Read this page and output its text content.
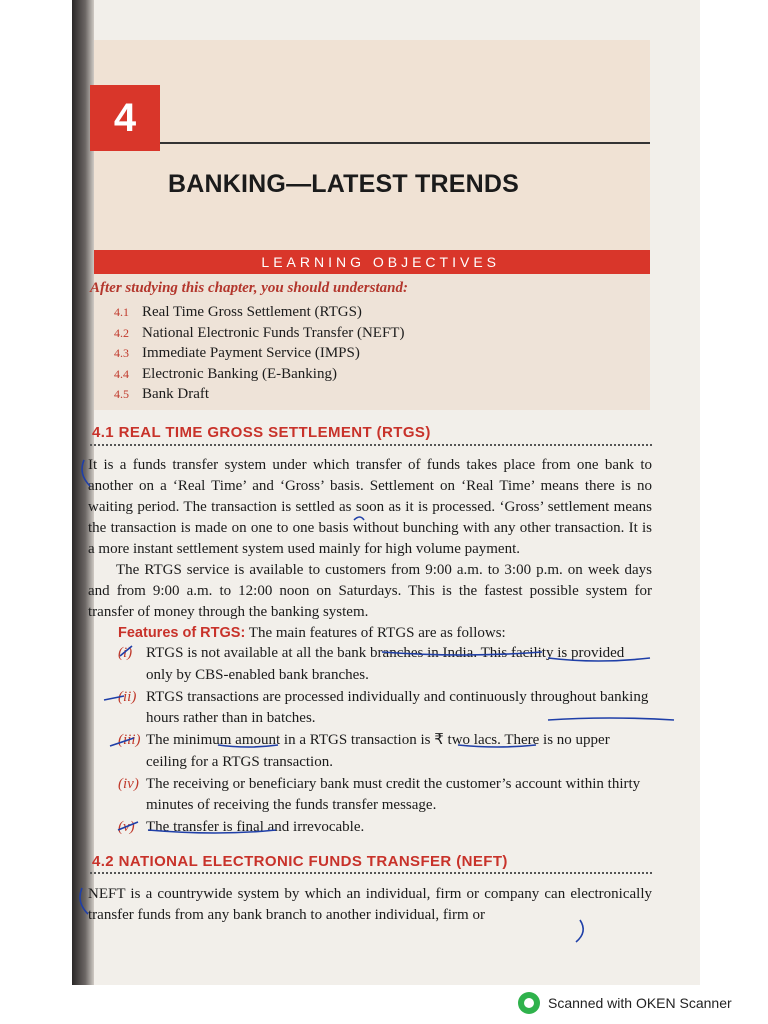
4
BANKING—LATEST TRENDS
LEARNING OBJECTIVES
After studying this chapter, you should understand:
4.1 Real Time Gross Settlement (RTGS)
4.2 National Electronic Funds Transfer (NEFT)
4.3 Immediate Payment Service (IMPS)
4.4 Electronic Banking (E-Banking)
4.5 Bank Draft
4.1 REAL TIME GROSS SETTLEMENT (RTGS)

It is a funds transfer system under which transfer of funds takes place from one bank to another on a ‘Real Time’ and ‘Gross’ basis. Settlement on ‘Real Time’ means there is no waiting period. The transaction is settled as soon as it is processed. ‘Gross’ settlement means the transaction is made on one to one basis without bunching with any other transaction. It is a more instant settlement system used mainly for high volume payment.

The RTGS service is available to customers from 9:00 a.m. to 3:00 p.m. on week days and from 9:00 a.m. to 12:00 noon on Saturdays. This is the fastest possible system for transfer of money through the banking system.

Features of RTGS: The main features of RTGS are as follows:

(i) RTGS is not available at all the bank branches in India. This facility is provided only by CBS-enabled bank branches.
(ii) RTGS transactions are processed individually and continuously throughout banking hours rather than in batches.
(iii) The minimum amount in a RTGS transaction is ₹ two lacs. There is no upper ceiling for a RTGS transaction.
(iv) The receiving or beneficiary bank must credit the customer’s account within thirty minutes of receiving the funds transfer message.
(v) The transfer is final and irrevocable.
4.2 NATIONAL ELECTRONIC FUNDS TRANSFER (NEFT)

NEFT is a countrywide system by which an individual, firm or company can electronically transfer funds from any bank branch to another individual, firm or

Scanned with OKEN Scanner
